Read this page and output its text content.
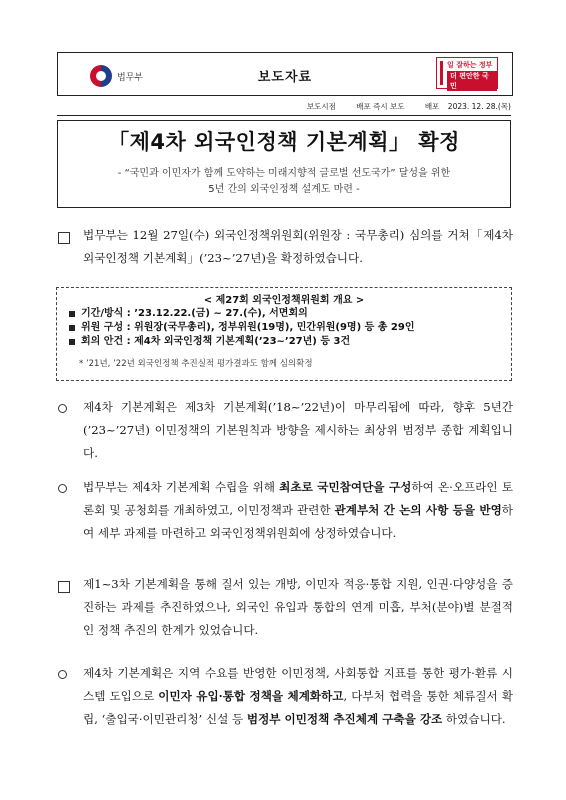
법무부	보도자료
일 잘하는 정부
더 편안한 국민
보도시점	배포 즉시 보도	배포 2023. 12. 28.(목)
「제4차 외국인정책 기본계획」 확정
- “국민과 이민자가 함께 도약하는 미래지향적 글로벌 선도국가” 달성을 위한
5년 간의 외국인정책 설계도 마련 -
법무부는 12월 27일(수) 외국인정책위원회(위원장 : 국무총리) 심의를 거쳐「제4차 외국인정책 기본계획」(’23~’27년)을 확정하였습니다.
< 제27회 외국인정책위원회 개요 >
기간/방식 : ’23.12.22.(금) ~ 27.(수), 서면회의
위원 구성 : 위원장(국무총리), 정부위원(19명), 민간위원(9명) 등 총 29인
회의 안건 : 제4차 외국인정책 기본계획(’23~’27년) 등 3건
* ’21년, ’22년 외국인정책 추진실적 평가결과도 함께 심의확정
제4차 기본계획은 제3차 기본계획(’18~’22년)이 마무리됨에 따라, 향후 5년간(’23~’27년) 이민정책의 기본원칙과 방향을 제시하는 최상위 범정부 종합 계획입니다.
법무부는 제4차 기본계획 수립을 위해 최초로 국민참여단을 구성하여 온·오프라인 토론회 및 공청회를 개최하였고, 이민정책과 관련한 관계부처 간 논의 사항 등을 반영하여 세부 과제를 마련하고 외국인정책위원회에 상정하였습니다.
제1~3차 기본계획을 통해 질서 있는 개방, 이민자 적응·통합 지원, 인권·다양성을 증진하는 과제를 추진하였으나, 외국인 유입과 통합의 연계 미흡, 부처(분야)별 분절적인 정책 추진의 한계가 있었습니다.
제4차 기본계획은 지역 수요를 반영한 이민정책, 사회통합 지표를 통한 평가·환류 시스템 도입으로 이민자 유입·통합 정책을 체계화하고, 다부처 협력을 통한 체류질서 확립, ‘출입국·이민관리청’ 신설 등 범정부 이민정책 추진체계 구축을 강조 하였습니다.
